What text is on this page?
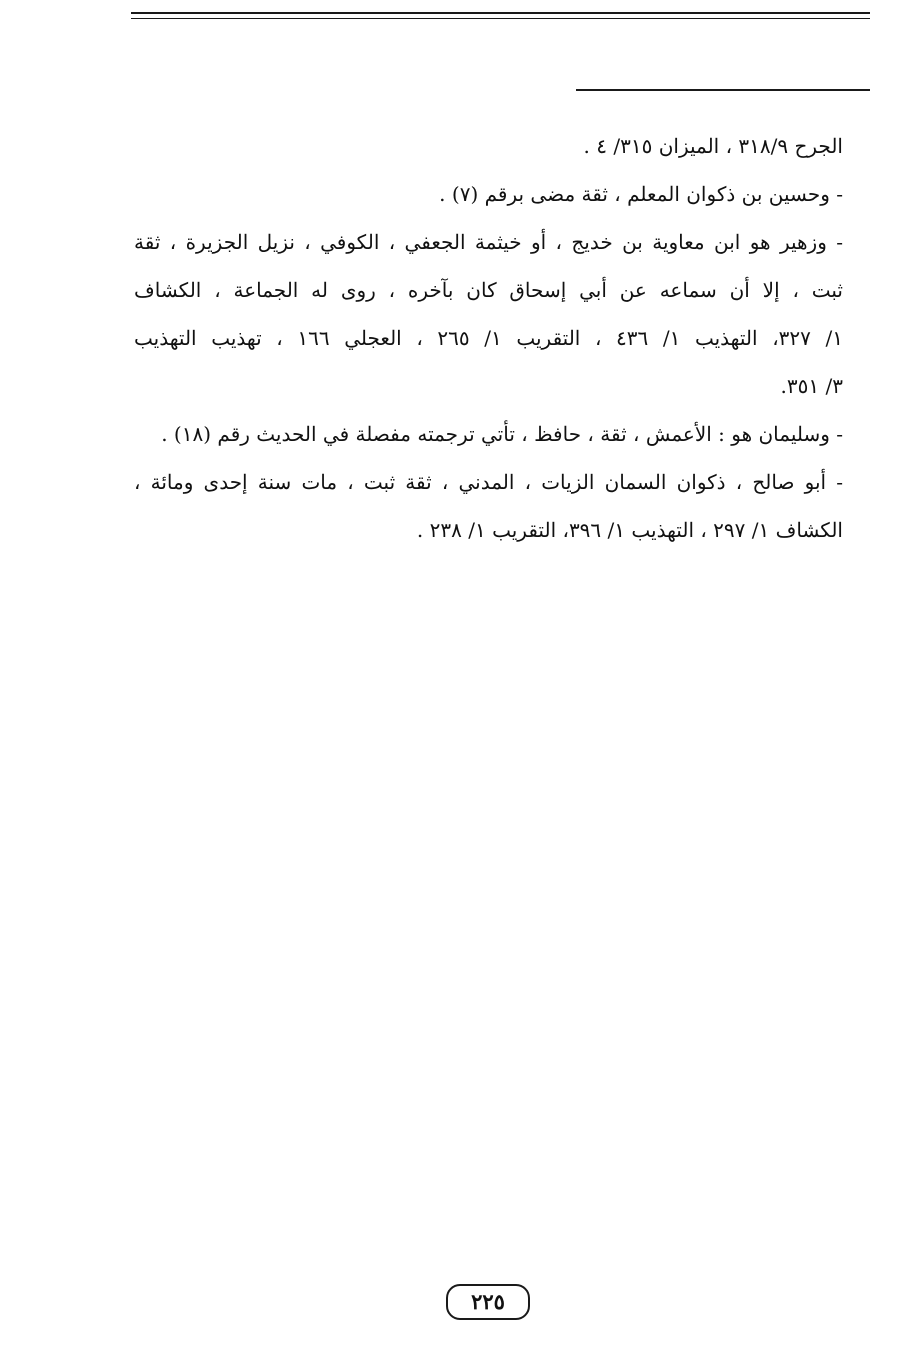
الجرح ٣١٨/٩ ، الميزان ٣١٥/ ٤ .
- وحسين بن ذكوان المعلم ، ثقة مضى برقم (٧) .
- وزهير هو ابن معاوية بن خديج ، أو خيثمة الجعفي ، الكوفي ، نزيل الجزيرة ، ثقة
ثبت ، إلا أن سماعه عن أبي إسحاق كان بآخره ، روى له الجماعة ، الكشاف
١/ ٣٢٧، التهذيب ١/ ٤٣٦ ، التقريب ١/ ٢٦٥ ، العجلي ١٦٦ ، تهذيب التهذيب
٣/ ٣٥١.
- وسليمان هو : الأعمش ، ثقة ، حافظ ، تأتي ترجمته مفصلة في الحديث رقم (١٨) .
- أبو صالح ، ذكوان السمان الزيات ، المدني ، ثقة ثبت ، مات سنة إحدى ومائة ،
الكشاف ١/ ٢٩٧ ، التهذيب ١/ ٣٩٦، التقريب ١/ ٢٣٨ .
٢٢٥
